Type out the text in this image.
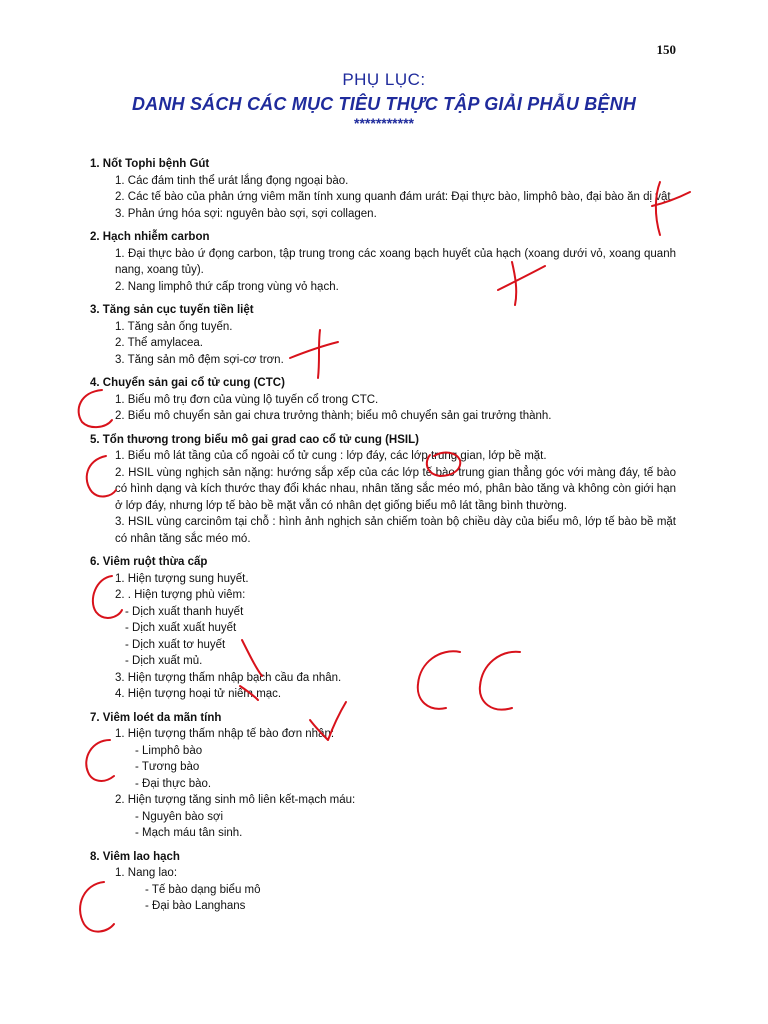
150
PHỤ LỤC:
DANH SÁCH CÁC MỤC TIÊU THỰC TẬP GIẢI PHẪU BỆNH
***********
1. Nốt Tophi bệnh Gút
1. Các đám tinh thể urát lắng đọng ngoại bào.
2. Các tế bào của phản ứng viêm mãn tính xung quanh đám urát: Đại thực bào, limphô bào, đại bào ăn dị vật.
3. Phản ứng hóa sợi: nguyên bào sợi, sợi collagen.
2. Hạch nhiễm carbon
1. Đại thực bào ứ đọng carbon, tập trung trong các xoang bạch huyết của hạch (xoang dưới vỏ, xoang quanh nang, xoang tủy).
2. Nang limphô thứ cấp trong vùng vỏ hạch.
3. Tăng sản cục tuyến tiền liệt
1. Tăng sản ống tuyến.
2. Thể amylacea.
3. Tăng sản mô đệm sợi-cơ trơn.
4. Chuyển sản gai cổ tử cung (CTC)
1. Biểu mô trụ đơn của vùng lộ tuyến cổ trong CTC.
2. Biểu mô chuyển sản gai chưa trưởng thành; biểu mô chuyển sản gai trưởng thành.
5. Tổn thương trong biểu mô gai grad cao cổ tử cung (HSIL)
1. Biểu mô lát tầng của cổ ngoài cổ tử cung : lớp đáy, các lớp trung gian, lớp bề mặt.
2. HSIL vùng nghịch sản nặng: hướng sắp xếp của các lớp tế bào trung gian thẳng góc với màng đáy, tế bào có hình dạng và kích thước thay đổi khác nhau, nhân tăng sắc méo mó, phân bào tăng và không còn giới hạn ở lớp đáy, nhưng lớp tế bào bề mặt vẫn có nhân dẹt giống biểu mô lát tầng bình thường.
3. HSIL vùng carcinôm tại chỗ : hình ảnh nghịch sản chiếm toàn bộ chiều dày của biểu mô, lớp tế bào bề mặt có nhân tăng sắc méo mó.
6. Viêm ruột thừa cấp
1. Hiện tượng sung huyết.
2. . Hiện tượng phù viêm:
- Dịch xuất thanh huyết
- Dịch xuất xuất huyết
- Dịch xuất tơ huyết
- Dịch xuất mủ.
3. Hiện tượng thấm nhập bạch cầu đa nhân.
4. Hiện tượng hoại tử niêm mạc.
7. Viêm loét da mãn tính
1. Hiện tượng thấm nhập tế bào đơn nhân:
- Limphô bào
- Tương bào
- Đại thực bào.
2. Hiện tượng tăng sinh mô liên kết-mạch máu:
- Nguyên bào sợi
- Mạch máu tân sinh.
8. Viêm lao hạch
1. Nang lao:
- Tế bào dạng biểu mô
- Đại bào Langhans
